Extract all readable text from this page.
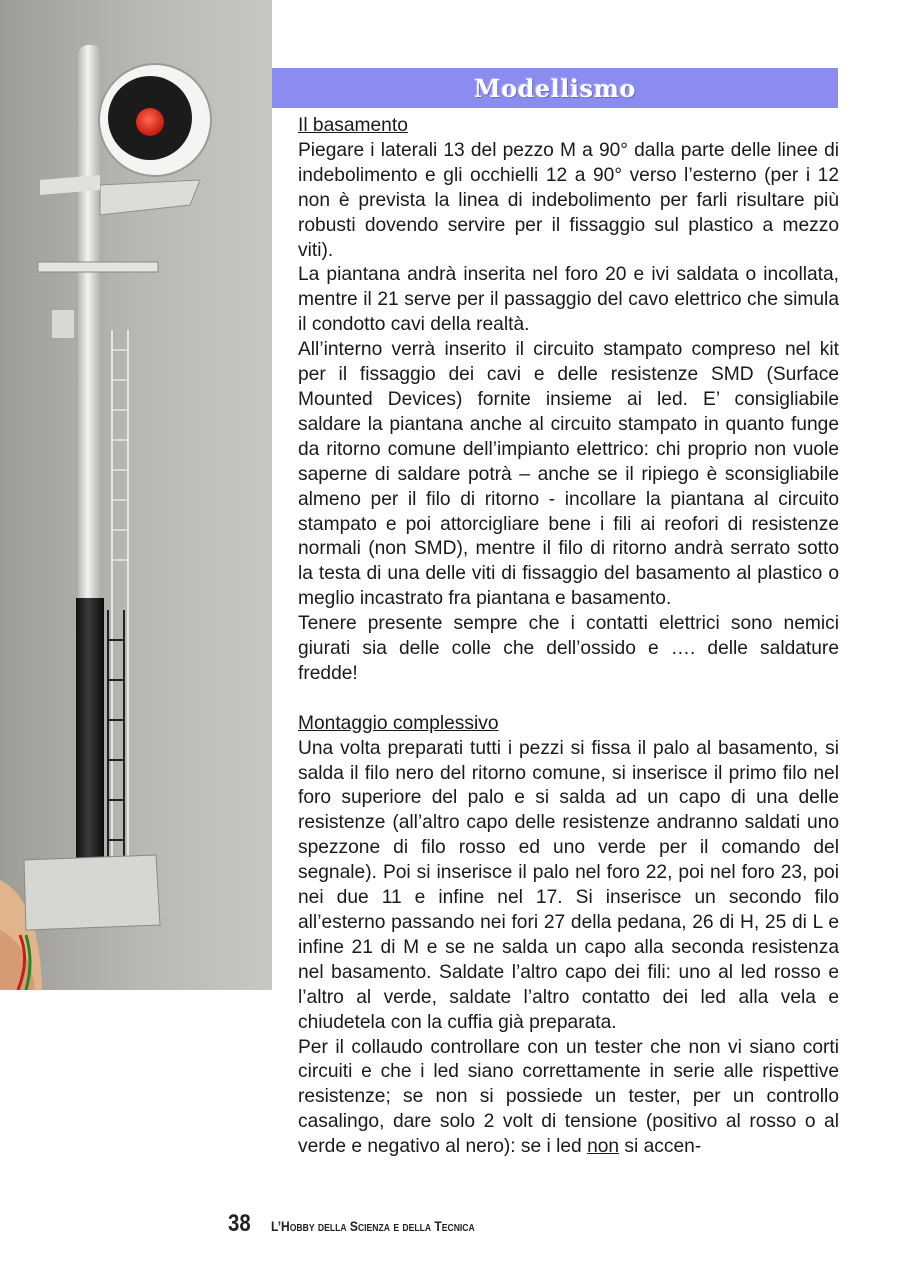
Modellismo

Il basamento

Piegare i laterali 13 del pezzo M a 90° dalla parte delle linee di indebolimento e gli occhielli 12 a 90° verso l’esterno (per i 12 non è prevista la linea di indebolimento per farli risultare più robusti dovendo servire per il fissaggio sul plastico a mezzo viti).

La piantana andrà inserita nel foro 20 e ivi saldata o incollata, mentre il 21 serve per il passaggio del cavo elettrico che simula il condotto cavi della realtà.

All’interno verrà inserito il circuito stampato compreso nel kit per il fissaggio dei cavi e delle resistenze SMD (Surface Mounted Devices) fornite insieme ai led. E’ consigliabile saldare la piantana anche al circuito stampato in quanto funge da ritorno comune dell’impianto elettrico: chi proprio non vuole saperne di saldare potrà – anche se il ripiego è sconsigliabile almeno per il filo di ritorno - incollare la piantana al circuito stampato e poi attorcigliare bene i fili ai reofori di resistenze normali (non SMD), mentre il filo di ritorno andrà serrato sotto la testa di una delle viti di fissaggio del basamento al plastico o meglio incastrato fra piantana e basamento.

Tenere presente sempre che i contatti elettrici sono nemici giurati sia delle colle che dell’ossido e …. delle saldature fredde!

Montaggio complessivo

Una volta preparati tutti i pezzi si fissa il palo al basamento, si salda il filo nero del ritorno comune, si inserisce il primo filo nel foro superiore del palo e si salda ad un capo di una delle resistenze (all’altro capo delle resistenze andranno saldati uno spezzone di filo rosso ed uno verde per il comando del segnale). Poi si inserisce il palo nel foro 22, poi nel foro 23, poi nei due 11 e infine nel 17. Si inserisce un secondo filo all’esterno passando nei fori 27 della pedana, 26 di H, 25 di L e infine 21 di M e se ne salda un capo alla seconda resistenza nel basamento. Saldate l’altro capo dei fili: uno al led rosso e l’altro al verde, saldate l’altro contatto dei led alla vela e chiudetela con la cuffia già preparata.

Per il collaudo controllare con un tester che non vi siano corti circuiti e che i led siano correttamente in serie alle rispettive resistenze; se non si possiede un tester, per un controllo casalingo, dare solo 2 volt di tensione (positivo al rosso o al verde e negativo al nero): se i led non si accen-

38 L’Hobby della Scienza e della Tecnica
